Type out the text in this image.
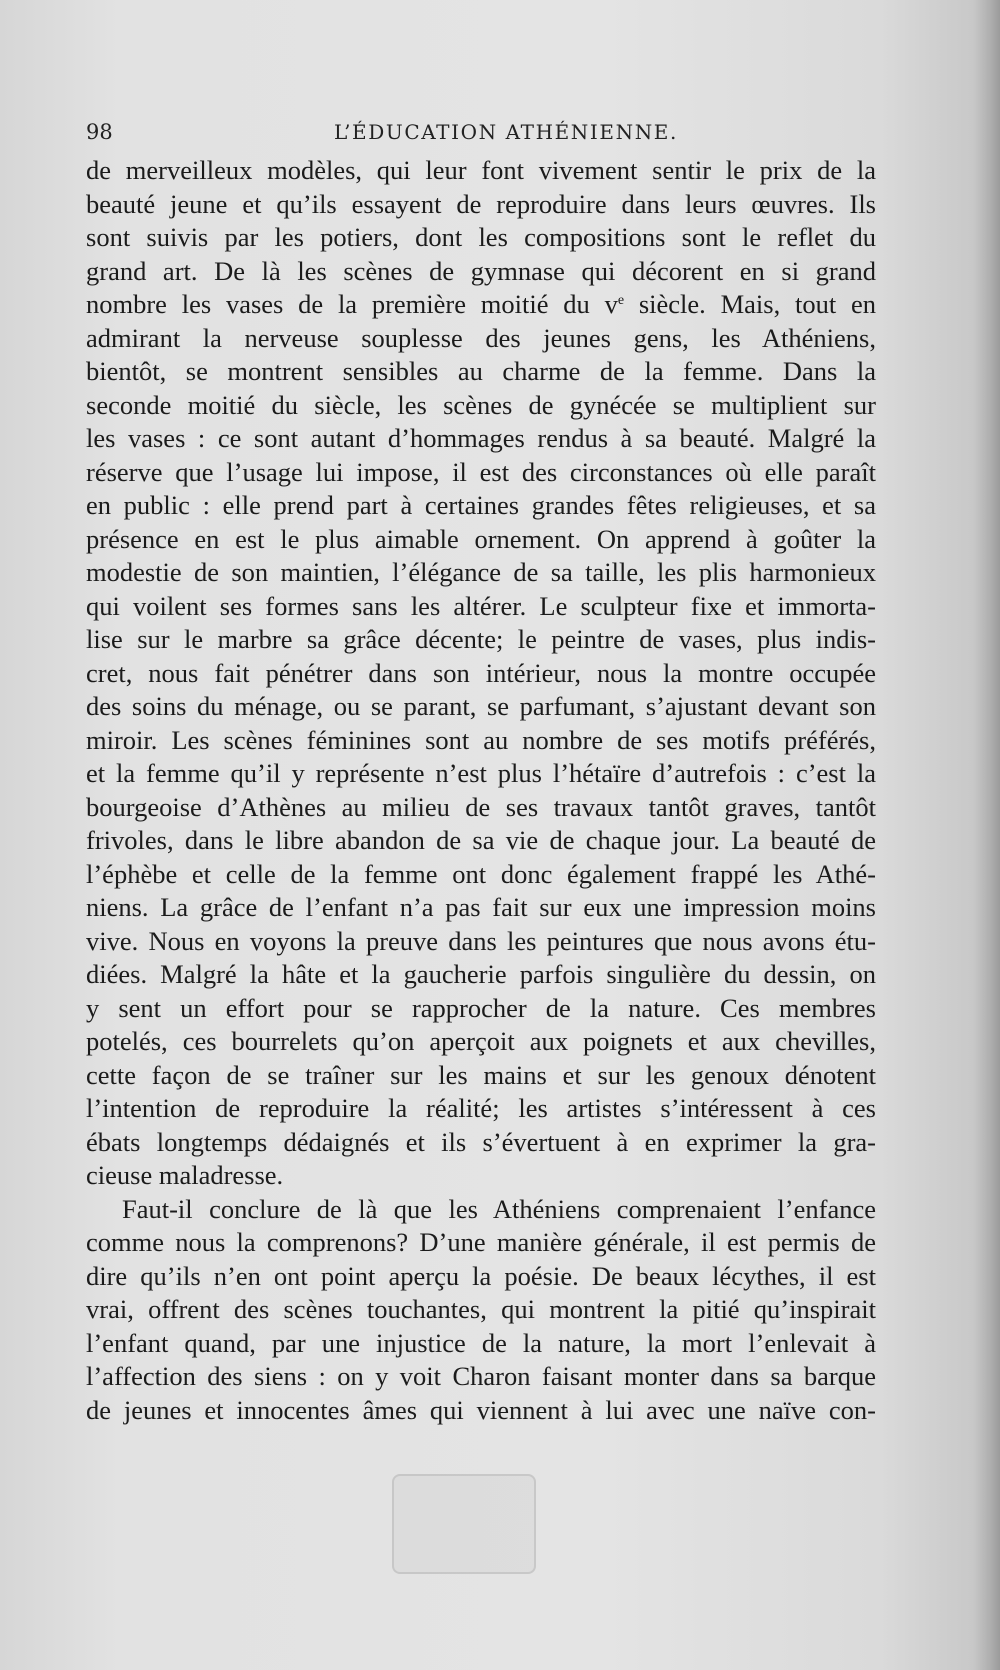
98	L’ÉDUCATION ATHÉNIENNE.
de merveilleux modèles, qui leur font vivement sentir le prix de la
beauté jeune et qu’ils essayent de reproduire dans leurs œuvres. Ils
sont suivis par les potiers, dont les compositions sont le reflet du
grand art. De là les scènes de gymnase qui décorent en si grand
nombre les vases de la première moitié du $v^e$ siècle. Mais, tout en
admirant la nerveuse souplesse des jeunes gens, les Athéniens,
bientôt, se montrent sensibles au charme de la femme. Dans la
seconde moitié du siècle, les scènes de gynécée se multiplient sur
les vases : ce sont autant d’hommages rendus à sa beauté. Malgré la
réserve que l’usage lui impose, il est des circonstances où elle paraît
en public : elle prend part à certaines grandes fêtes religieuses, et sa
présence en est le plus aimable ornement. On apprend à goûter la
modestie de son maintien, l’élégance de sa taille, les plis harmonieux
qui voilent ses formes sans les altérer. Le sculpteur fixe et immorta-
lise sur le marbre sa grâce décente; le peintre de vases, plus indis-
cret, nous fait pénétrer dans son intérieur, nous la montre occupée
des soins du ménage, ou se parant, se parfumant, s’ajustant devant son
miroir. Les scènes féminines sont au nombre de ses motifs préférés,
et la femme qu’il y représente n’est plus l’hétaïre d’autrefois : c’est la
bourgeoise d’Athènes au milieu de ses travaux tantôt graves, tantôt
frivoles, dans le libre abandon de sa vie de chaque jour. La beauté de
l’éphèbe et celle de la femme ont donc également frappé les Athé-
niens. La grâce de l’enfant n’a pas fait sur eux une impression moins
vive. Nous en voyons la preuve dans les peintures que nous avons étu-
diées. Malgré la hâte et la gaucherie parfois singulière du dessin, on
y sent un effort pour se rapprocher de la nature. Ces membres
potelés, ces bourrelets qu’on aperçoit aux poignets et aux chevilles,
cette façon de se traîner sur les mains et sur les genoux dénotent
l’intention de reproduire la réalité; les artistes s’intéressent à ces
ébats longtemps dédaignés et ils s’évertuent à en exprimer la gra-
cieuse maladresse.
Faut-il conclure de là que les Athéniens comprenaient l’enfance
comme nous la comprenons? D’une manière générale, il est permis de
dire qu’ils n’en ont point aperçu la poésie. De beaux lécythes, il est
vrai, offrent des scènes touchantes, qui montrent la pitié qu’inspirait
l’enfant quand, par une injustice de la nature, la mort l’enlevait à
l’affection des siens : on y voit Charon faisant monter dans sa barque
de jeunes et innocentes âmes qui viennent à lui avec une naïve con-
